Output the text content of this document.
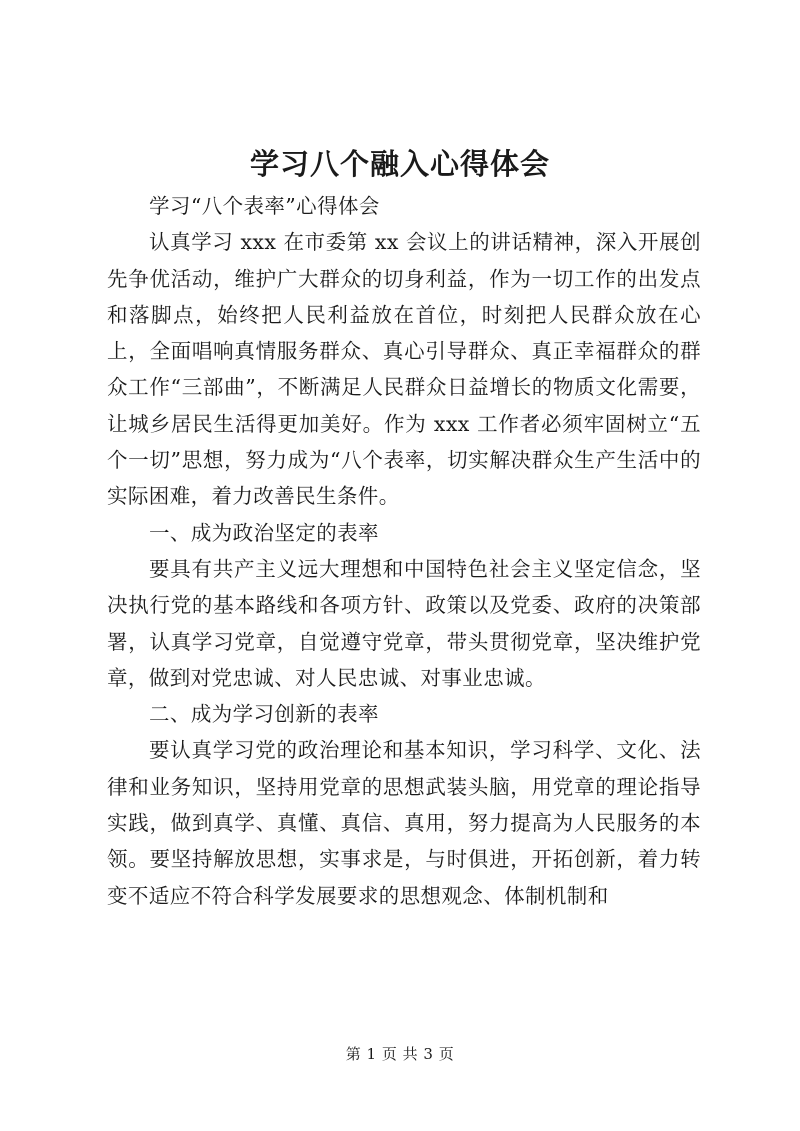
学习八个融入心得体会

学习“八个表率”心得体会

认真学习 xxx 在市委第 xx 会议上的讲话精神，深入开展创先争优活动，维护广大群众的切身利益，作为一切工作的出发点和落脚点，始终把人民利益放在首位，时刻把人民群众放在心上，全面唱响真情服务群众、真心引导群众、真正幸福群众的群众工作“三部曲”，不断满足人民群众日益增长的物质文化需要，让城乡居民生活得更加美好。作为 xxx 工作者必须牢固树立“五个一切”思想，努力成为“八个表率，切实解决群众生产生活中的实际困难，着力改善民生条件。

一、成为政治坚定的表率

要具有共产主义远大理想和中国特色社会主义坚定信念，坚决执行党的基本路线和各项方针、政策以及党委、政府的决策部署，认真学习党章，自觉遵守党章，带头贯彻党章，坚决维护党章，做到对党忠诚、对人民忠诚、对事业忠诚。

二、成为学习创新的表率

要认真学习党的政治理论和基本知识，学习科学、文化、法律和业务知识，坚持用党章的思想武装头脑，用党章的理论指导实践，做到真学、真懂、真信、真用，努力提高为人民服务的本领。要坚持解放思想，实事求是，与时俱进，开拓创新，着力转变不适应不符合科学发展要求的思想观念、体制机制和

第 1 页 共 3 页
